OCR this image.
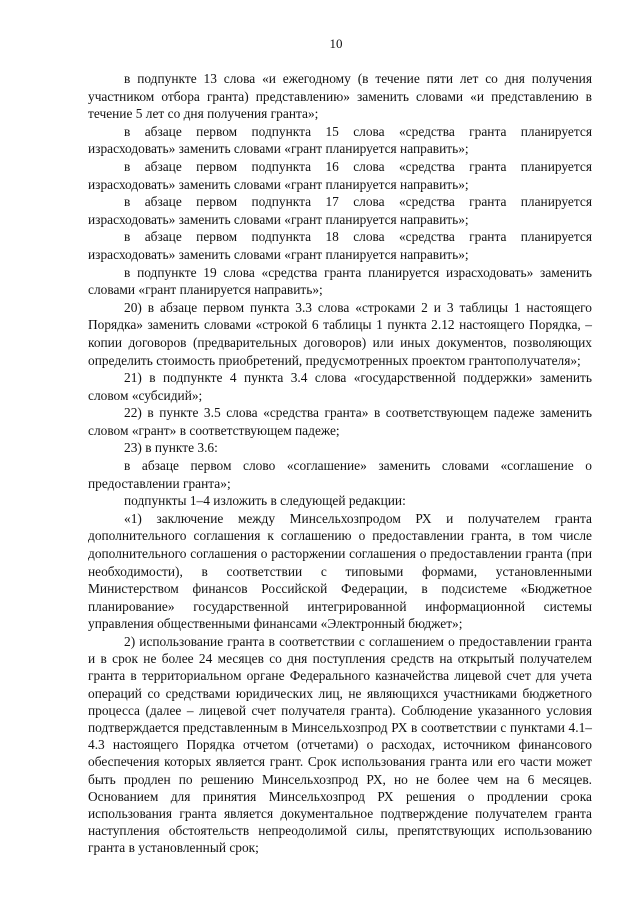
10

в подпункте 13 слова «и ежегодному (в течение пяти лет со дня получения участником отбора гранта) представлению» заменить словами «и представлению в течение 5 лет со дня получения гранта»;

в абзаце первом подпункта 15 слова «средства гранта планируется израсходовать» заменить словами «грант планируется направить»;

в абзаце первом подпункта 16 слова «средства гранта планируется израсходовать» заменить словами «грант планируется направить»;

в абзаце первом подпункта 17 слова «средства гранта планируется израсходовать» заменить словами «грант планируется направить»;

в абзаце первом подпункта 18 слова «средства гранта планируется израсходовать» заменить словами «грант планируется направить»;

в подпункте 19 слова «средства гранта планируется израсходовать» заменить словами «грант планируется направить»;

20) в абзаце первом пункта 3.3 слова «строками 2 и 3 таблицы 1 настоящего Порядка» заменить словами «строкой 6 таблицы 1 пункта 2.12 настоящего Порядка, – копии договоров (предварительных договоров) или иных документов, позволяющих определить стоимость приобретений, предусмотренных проектом грантополучателя»;

21) в подпункте 4 пункта 3.4 слова «государственной поддержки» заменить словом «субсидий»;

22) в пункте 3.5 слова «средства гранта» в соответствующем падеже заменить словом «грант» в соответствующем падеже;

23) в пункте 3.6:

в абзаце первом слово «соглашение» заменить словами «соглашение о предоставлении гранта»;

подпункты 1–4 изложить в следующей редакции:

«1) заключение между Минсельхозпродом РХ и получателем гранта дополнительного соглашения к соглашению о предоставлении гранта, в том числе дополнительного соглашения о расторжении соглашения о предоставлении гранта (при необходимости), в соответствии с типовыми формами, установленными Министерством финансов Российской Федерации, в подсистеме «Бюджетное планирование» государственной интегрированной информационной системы управления общественными финансами «Электронный бюджет»;

2) использование гранта в соответствии с соглашением о предоставлении гранта и в срок не более 24 месяцев со дня поступления средств на открытый получателем гранта в территориальном органе Федерального казначейства лицевой счет для учета операций со средствами юридических лиц, не являющихся участниками бюджетного процесса (далее – лицевой счет получателя гранта). Соблюдение указанного условия подтверждается представленным в Минсельхозпрод РХ в соответствии с пунктами 4.1–4.3 настоящего Порядка отчетом (отчетами) о расходах, источником финансового обеспечения которых является грант. Срок использования гранта или его части может быть продлен по решению Минсельхозпрод РХ, но не более чем на 6 месяцев. Основанием для принятия Минсельхозпрод РХ решения о продлении срока использования гранта является документальное подтверждение получателем гранта наступления обстоятельств непреодолимой силы, препятствующих использованию гранта в установленный срок;
